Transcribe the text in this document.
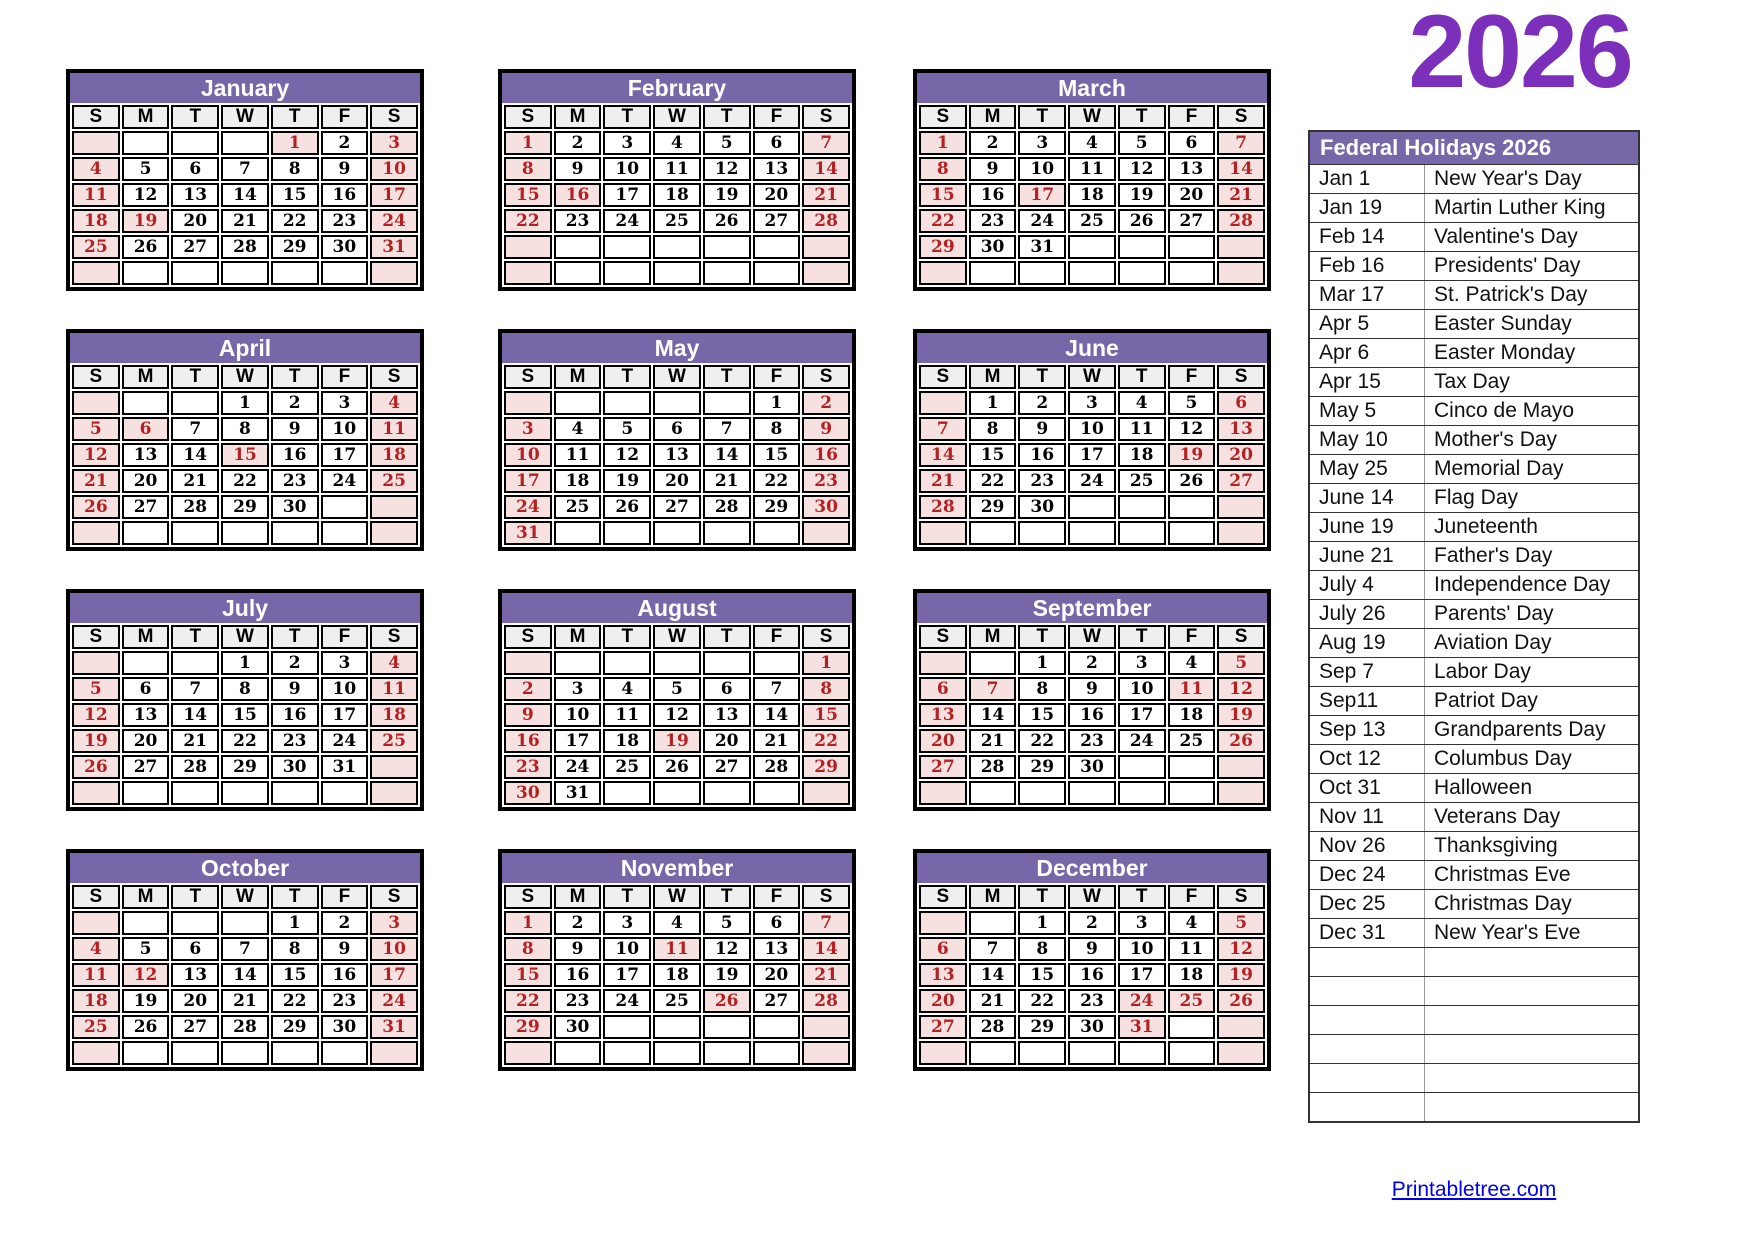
2026
January
S	M	T	W	T	F	S
				1	2	3
4	5	6	7	8	9	10
11	12	13	14	15	16	17
18	19	20	21	22	23	24
25	26	27	28	29	30	31

February
S	M	T	W	T	F	S
1	2	3	4	5	6	7
8	9	10	11	12	13	14
15	16	17	18	19	20	21
22	23	24	25	26	27	28

March
S	M	T	W	T	F	S
1	2	3	4	5	6	7
8	9	10	11	12	13	14
15	16	17	18	19	20	21
22	23	24	25	26	27	28
29	30	31				

April
S	M	T	W	T	F	S
			1	2	3	4
5	6	7	8	9	10	11
12	13	14	15	16	17	18
21	20	21	22	23	24	25
26	27	28	29	30		

May
S	M	T	W	T	F	S
					1	2
3	4	5	6	7	8	9
10	11	12	13	14	15	16
17	18	19	20	21	22	23
24	25	26	27	28	29	30
31						
June
S	M	T	W	T	F	S
	1	2	3	4	5	6
7	8	9	10	11	12	13
14	15	16	17	18	19	20
21	22	23	24	25	26	27
28	29	30				

July
S	M	T	W	T	F	S
			1	2	3	4
5	6	7	8	9	10	11
12	13	14	15	16	17	18
19	20	21	22	23	24	25
26	27	28	29	30	31	

August
S	M	T	W	T	F	S
						1
2	3	4	5	6	7	8
9	10	11	12	13	14	15
16	17	18	19	20	21	22
23	24	25	26	27	28	29
30	31					
September
S	M	T	W	T	F	S
		1	2	3	4	5
6	7	8	9	10	11	12
13	14	15	16	17	18	19
20	21	22	23	24	25	26
27	28	29	30			

October
S	M	T	W	T	F	S
				1	2	3
4	5	6	7	8	9	10
11	12	13	14	15	16	17
18	19	20	21	22	23	24
25	26	27	28	29	30	31

November
S	M	T	W	T	F	S
1	2	3	4	5	6	7
8	9	10	11	12	13	14
15	16	17	18	19	20	21
22	23	24	25	26	27	28
29	30					

December
S	M	T	W	T	F	S
		1	2	3	4	5
6	7	8	9	10	11	12
13	14	15	16	17	18	19
20	21	22	23	24	25	26
27	28	29	30	31		

Federal Holidays 2026	
Jan 1	New Year's Day
Jan 19	Martin Luther King
Feb 14	Valentine's Day
Feb 16	Presidents' Day
Mar 17	St. Patrick's Day
Apr 5	Easter Sunday
Apr 6	Easter Monday
Apr 15	Tax Day
May 5	Cinco de Mayo
May 10	Mother's Day
May 25	Memorial Day
June 14	Flag Day
June 19	Juneteenth
June 21	Father's Day
July 4	Independence Day
July 26	Parents' Day
Aug 19	Aviation Day
Sep 7	Labor Day
Sep11	Patriot Day
Sep 13	Grandparents Day
Oct 12	Columbus Day
Oct 31	Halloween
Nov 11	Veterans Day
Nov 26	Thanksgiving
Dec 24	Christmas Eve
Dec 25	Christmas Day
Dec 31	New Year's Eve

Printabletree.com
